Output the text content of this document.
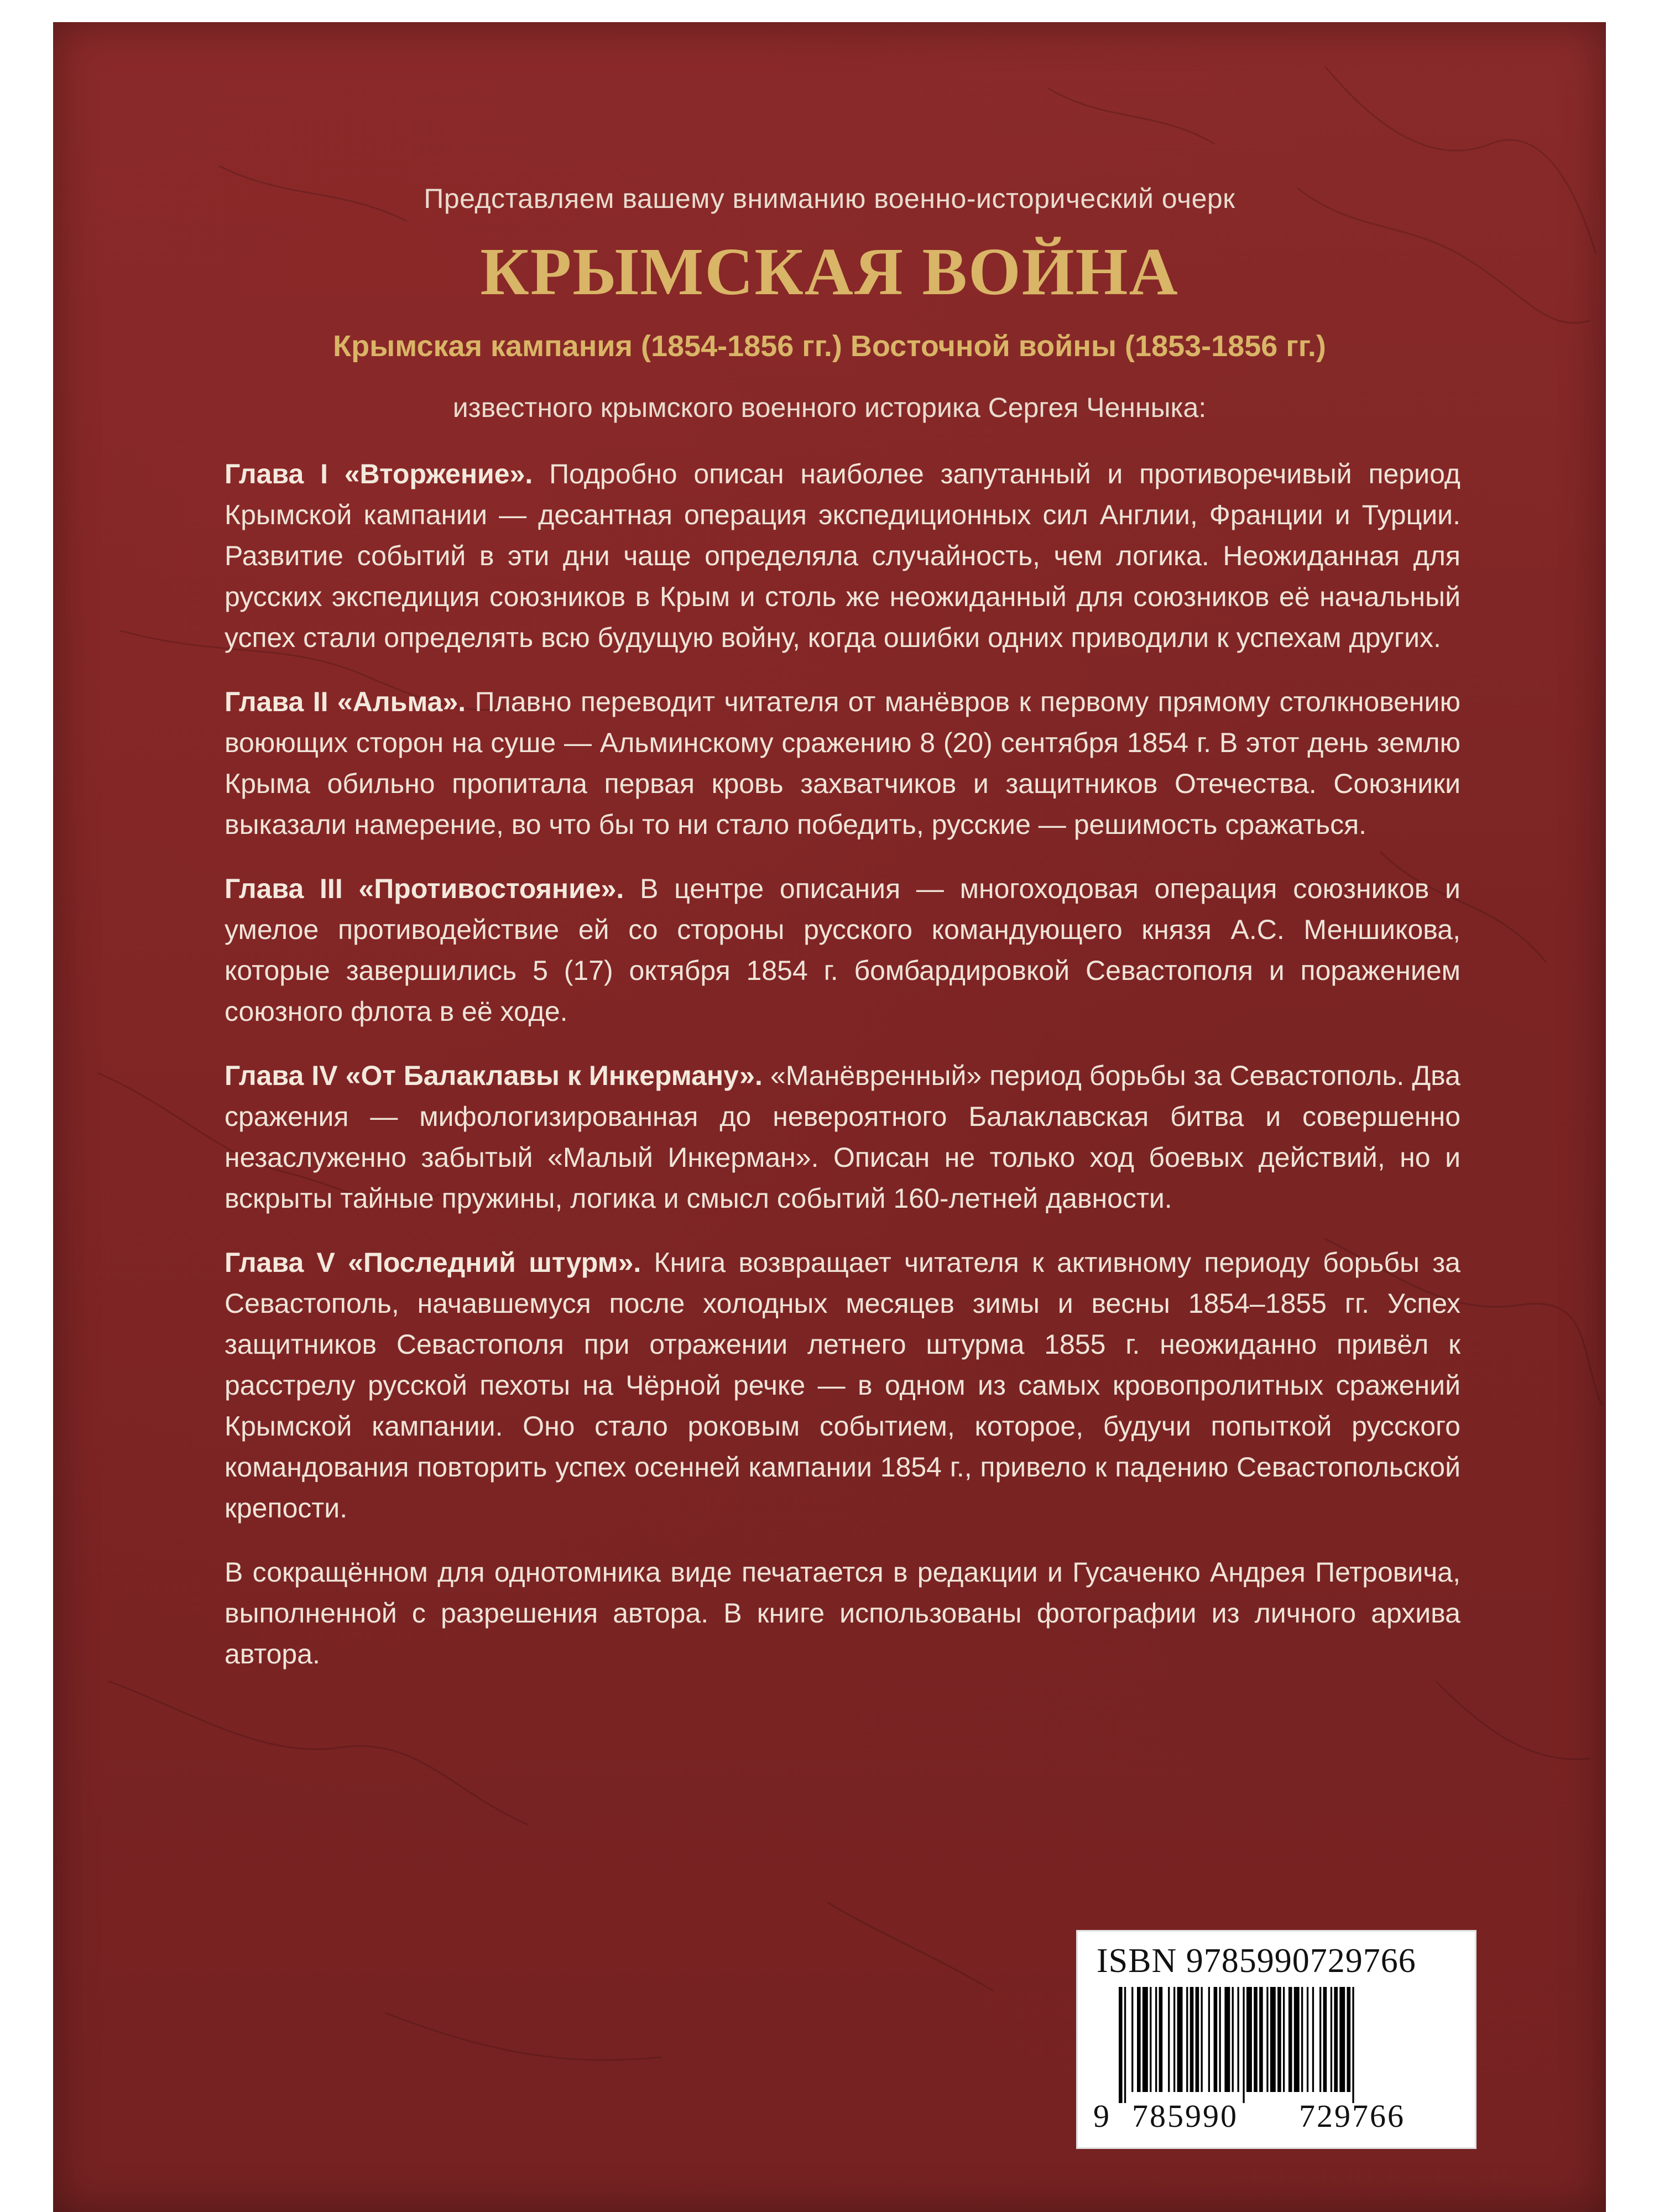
Представляем вашему вниманию военно-исторический очерк
КРЫМСКАЯ ВОЙНА
Крымская кампания (1854-1856 гг.) Восточной войны (1853-1856 гг.)
известного крымского военного историка Сергея Ченныка:

Глава I «Вторжение». Подробно описан наиболее запутанный и противоречивый период Крымской кампании — десантная операция экспедиционных сил Англии, Франции и Турции. Развитие событий в эти дни чаще определяла случайность, чем логика. Неожиданная для русских экспедиция союзников в Крым и столь же неожиданный для союзников её начальный успех стали определять всю будущую войну, когда ошибки одних приводили к успехам других.

Глава II «Альма». Плавно переводит читателя от манёвров к первому прямому столкновению воюющих сторон на суше — Альминскому сражению 8 (20) сентября 1854 г. В этот день землю Крыма обильно пропитала первая кровь захватчиков и защитников Отечества. Союзники выказали намерение, во что бы то ни стало победить, русские — решимость сражаться.

Глава III «Противостояние». В центре описания — многоходовая операция союзников и умелое противодействие ей со стороны русского командующего князя А.С. Меншикова, которые завершились 5 (17) октября 1854 г. бомбардировкой Севастополя и поражением союзного флота в её ходе.

Глава IV «От Балаклавы к Инкерману». «Манёвренный» период борьбы за Севастополь. Два сражения — мифологизированная до невероятного Балаклавская битва и совершенно незаслуженно забытый «Малый Инкерман». Описан не только ход боевых действий, но и вскрыты тайные пружины, логика и смысл событий 160-летней давности.

Глава V «Последний штурм». Книга возвращает читателя к активному периоду борьбы за Севастополь, начавшемуся после холодных месяцев зимы и весны 1854–1855 гг. Успех защитников Севастополя при отражении летнего штурма 1855 г. неожиданно привёл к расстрелу русской пехоты на Чёрной речке — в одном из самых кровопролитных сражений Крымской кампании. Оно стало роковым событием, которое, будучи попыткой русского командования повторить успех осенней кампании 1854 г., привело к падению Севастопольской крепости.

В сокращённом для однотомника виде печатается в редакции и Гусаченко Андрея Петровича, выполненной с разрешения автора. В книге использованы фотографии из личного архива автора.

ISBN 9785990729766
9 785990 729766
